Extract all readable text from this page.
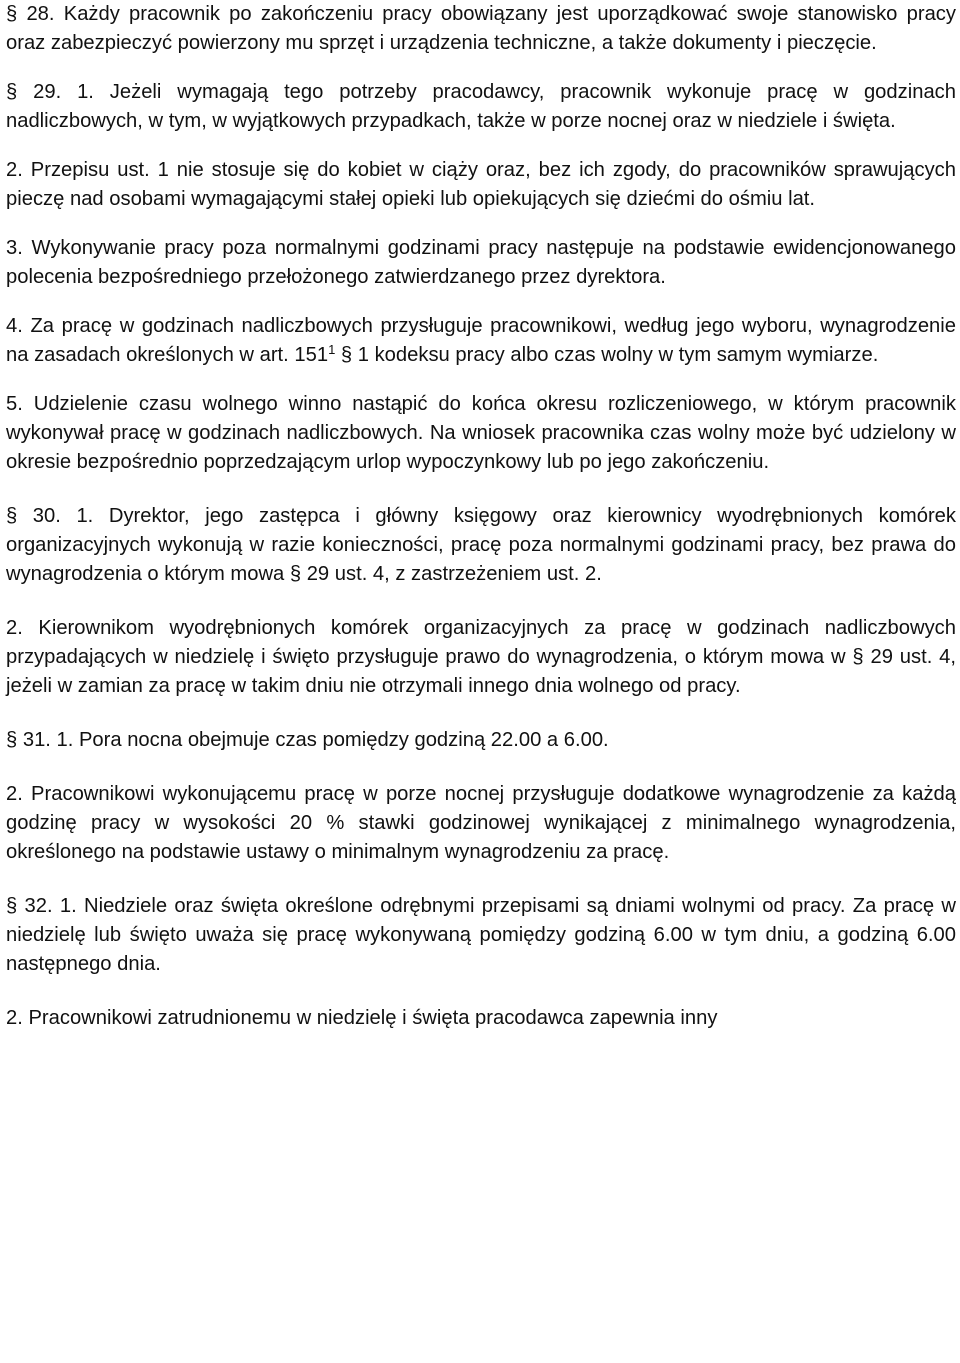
§ 28. Każdy pracownik po zakończeniu pracy obowiązany jest uporządkować swoje stanowisko pracy oraz zabezpieczyć powierzony mu sprzęt i urządzenia techniczne, a także dokumenty i pieczęcie.

§ 29. 1. Jeżeli wymagają tego potrzeby pracodawcy, pracownik wykonuje pracę w godzinach nadliczbowych, w tym, w wyjątkowych przypadkach, także w porze nocnej oraz w niedziele i święta.

2. Przepisu ust. 1 nie stosuje się do kobiet w ciąży oraz, bez ich zgody, do pracowników sprawujących pieczę nad osobami wymagającymi stałej opieki lub opiekujących się dziećmi do ośmiu lat.

3. Wykonywanie pracy poza normalnymi godzinami pracy następuje na podstawie ewidencjonowanego polecenia bezpośredniego przełożonego zatwierdzanego przez dyrektora.

4. Za pracę w godzinach nadliczbowych przysługuje pracownikowi, według jego wyboru, wynagrodzenie na zasadach określonych w art. $151^1$ § 1 kodeksu pracy albo czas wolny w tym samym wymiarze.

5. Udzielenie czasu wolnego winno nastąpić do końca okresu rozliczeniowego, w którym pracownik wykonywał pracę w godzinach nadliczbowych. Na wniosek pracownika czas wolny może być udzielony w okresie bezpośrednio poprzedzającym urlop wypoczynkowy lub po jego zakończeniu.

§ 30. 1. Dyrektor, jego zastępca i główny księgowy oraz kierownicy wyodrębnionych komórek organizacyjnych wykonują w razie konieczności, pracę poza normalnymi godzinami pracy, bez prawa do wynagrodzenia o którym mowa § 29 ust. 4, z zastrzeżeniem ust. 2.

2. Kierownikom wyodrębnionych komórek organizacyjnych za pracę w godzinach nadliczbowych przypadających w niedzielę i święto przysługuje prawo do wynagrodzenia, o którym mowa w § 29 ust. 4, jeżeli w zamian za pracę w takim dniu nie otrzymali innego dnia wolnego od pracy.

§ 31. 1. Pora nocna obejmuje czas pomiędzy godziną 22.00 a 6.00.

2. Pracownikowi wykonującemu pracę w porze nocnej przysługuje dodatkowe wynagrodzenie za każdą godzinę pracy w wysokości 20 % stawki godzinowej wynikającej z minimalnego wynagrodzenia, określonego na podstawie ustawy o minimalnym wynagrodzeniu za pracę.

§ 32. 1. Niedziele oraz święta określone odrębnymi przepisami są dniami wolnymi od pracy. Za pracę w niedzielę lub święto uważa się pracę wykonywaną pomiędzy godziną 6.00 w tym dniu, a godziną 6.00 następnego dnia.

2. Pracownikowi zatrudnionemu w niedzielę i święta pracodawca zapewnia inny
